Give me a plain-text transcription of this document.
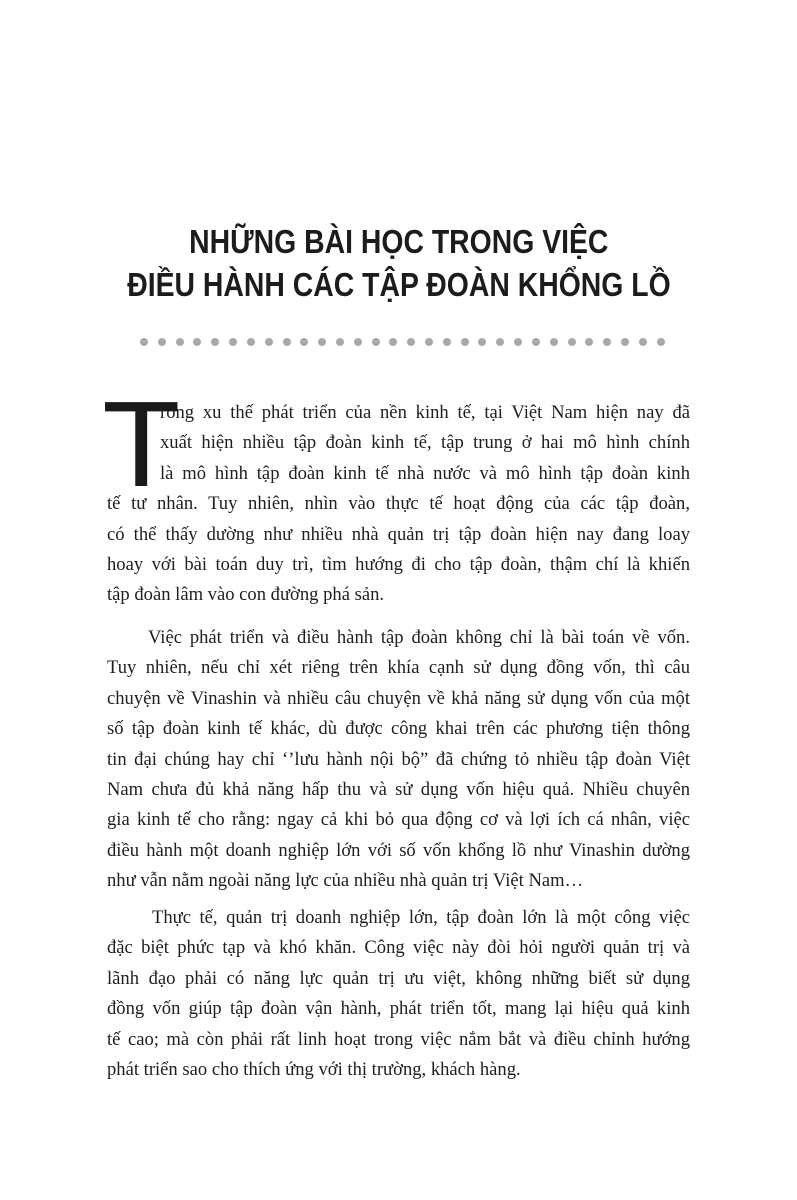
NHỮNG BÀI HỌC TRONG VIỆC
ĐIỀU HÀNH CÁC TẬP ĐOÀN KHỔNG LỒ
T
rong xu thế phát triển của nền kinh tế, tại Việt Nam hiện nay đã
xuất hiện nhiều tập đoàn kinh tế, tập trung ở hai mô hình chính
là mô hình tập đoàn kinh tế nhà nước và mô hình tập đoàn kinh
tế tư nhân. Tuy nhiên, nhìn vào thực tế hoạt động của các tập đoàn,
có thể thấy dường như nhiều nhà quản trị tập đoàn hiện nay đang loay
hoay với bài toán duy trì, tìm hướng đi cho tập đoàn, thậm chí là khiến
tập đoàn lâm vào con đường phá sản.
Việc phát triển và điều hành tập đoàn không chỉ là bài toán về vốn.
Tuy nhiên, nếu chỉ xét riêng trên khía cạnh sử dụng đồng vốn, thì câu
chuyện về Vinashin và nhiều câu chuyện về khả năng sử dụng vốn của một
số tập đoàn kinh tế khác, dù được công khai trên các phương tiện thông
tin đại chúng hay chỉ ‘’lưu hành nội bộ” đã chứng tỏ nhiều tập đoàn Việt
Nam chưa đủ khả năng hấp thu và sử dụng vốn hiệu quả. Nhiều chuyên
gia kinh tế cho rằng: ngay cả khi bỏ qua động cơ và lợi ích cá nhân, việc
điều hành một doanh nghiệp lớn với số vốn khổng lồ như Vinashin dường
như vẫn nằm ngoài năng lực của nhiều nhà quản trị Việt Nam…
Thực tế, quản trị doanh nghiệp lớn, tập đoàn lớn là một công việc
đặc biệt phức tạp và khó khăn. Công việc này đòi hỏi người quản trị và
lãnh đạo phải có năng lực quản trị ưu việt, không những biết sử dụng
đồng vốn giúp tập đoàn vận hành, phát triển tốt, mang lại hiệu quả kinh
tế cao; mà còn phải rất linh hoạt trong việc nắm bắt và điều chỉnh hướng
phát triển sao cho thích ứng với thị trường, khách hàng.
